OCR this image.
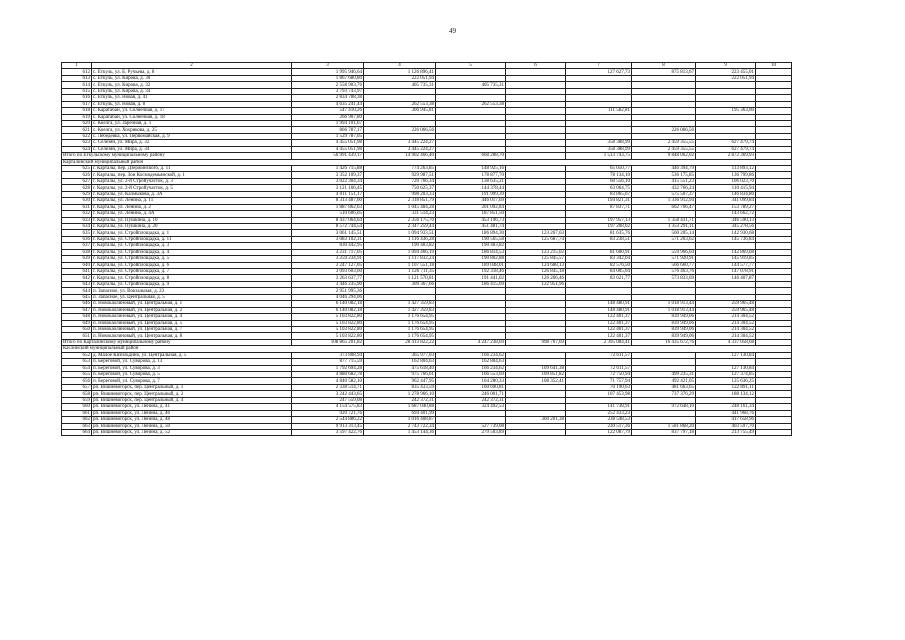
49
1	2	3	4	5	6	7	8	9	10
612	с. Еткуль, ул. Б. Ручьева, д. 8	1 995 946,64	1 126 896,41			127 627,73	875 813,67	223 455,01	
613	с. Еткуль, ул. Кирова, д. 30	1 867 680,80	222 051,94					222 051,94	
614	с. Еткуль, ул. Кирова, д. 32	2 558 903,76	405 735,31	405 735,31					
615	с. Еткуль, ул. Кирова, д. 34	3 793 743,97							
616	с. Еткуль, ул. Новая, д. 41	2 834 788,38							
617	с. Еткуль, ул. Новая, д. 8	4 635 241,44	262 553,38	262 553,38					
618	с. Каратабан, ул. Солнечная, д. 17	547 410,26	306 945,81			111 582,81		195 363,00	
619	с. Каратабан, ул. Солнечная, д. 18	266 907,80							
620	с. Коелга, ул. Заречная, д. 1	1 994 101,67							
621	с. Коелга, ул. Хохрякова, д. 25	866 787,17	226 066,56				226 066,56		
622	с. Лебедевка, ул. Первомайская, д. 9	1 529 787,05							
623	с. Селезян, ул. Мира, д. 32	4 455 051,98	3 445 224,27			358 388,99	2 459 355,55	627 479,74	
624	с. Селезян, ул. Мира, д. 34	4 455 051,98	3 445 224,27			358 388,99	2 459 355,55	627 479,74	
Итого по Еткульскому муниципальному району		56 991 439,17	14 902 466,40	668 288,70		1 513 743,75	9 848 062,02	2 872 369,93	
Карталинский муниципальный район									
625	г. Карталы, пер. Дзержинского, д. 11	1 426 715,88	774 263,85	148 925,16		65 050,77	446 394,79	113 893,12	
626	г. Карталы, пер. Зои Космодемьянской, д. 1	3 352 109,37	929 987,51	178 877,70		78 134,10	536 175,85	136 799,86	
627	г. Карталы, ул. 2-й Стройучасток, д. 3	3 022 304,34	720 766,34	138 635,21		60 556,10	415 551,23	106 023,70	
628	г. Карталы, ул. 2-й Стройучасток, д. 5	3 121 166,45	750 625,37	144 378,44		63 064,75	432 766,24	110 415,94	
629	г. Карталы, ул. Калмыкова, д. 3А	4 011 151,17	998 203,33	191 999,39		83 865,67	575 507,37	146 834,80	
630	г. Карталы, ул. Ленина, д. 11	8 313 487,00	2 318 851,79	446 017,69		194 821,31	1 336 912,94	341 099,84	
631	г. Карталы, ул. Ленина, д. 2	1 887 862,63	1 045 484,28	201 092,84		87 837,71	602 766,47	153 789,27	
632	г. Карталы, ул. Ленина, д. 4А	510 606,05	331 514,23	187 851,50				143 662,72	
633	г. Карталы, ул. Пушкина, д. 10	8 437 064,64	2 356 175,70	453 196,73		197 957,13	1 358 431,71	346 590,13	
634	г. Карталы, ул. Пушкина, д. 20	8 572 744,54	2 347 259,44	451 481,74		197 208,02	1 353 291,11	345 278,56	
635	г. Карталы, ул. Стройплощадка, д. 1	3 061 145,51	1 094 933,51	186 894,30	123 267,63	81 635,76	560 205,14	142 930,68	
636	г. Карталы, ул. Стройплощадка, д. 11	3 083 102,31	1 116 436,28	190 565,58	125 687,74	83 238,51	571 203,62	145 736,84	
637	г. Карталы, ул. Стройплощадка, д. 3	830 442,95	190 483,82	190 483,82					
638	г. Карталы, ул. Стройплощадка, д. 4	3 231 717,05	1 094 466,19	186 814,53	123 215,02	81 600,91	559 966,04	142 869,68	
639	г. Карталы, ул. Стройплощадка, д. 5	3 259 234,91	1 117 832,24	190 802,88	125 845,57	83 342,04	571 920,91	145 919,85	
640	г. Карталы, ул. Стройплощадка, д. 6	3 247 127,05	1 107 551,18	189 048,01	124 688,13	82 576,50	566 660,77	144 577,77	
641	г. Карталы, ул. Стройплощадка, д. 7	3 093 603,60	1 126 711,35	192 318,46	126 845,18	84 005,04	576 463,76	147 078,91	
642	г. Карталы, ул. Стройплощадка, д. 8	3 263 637,77	1 121 570,81	191 441,02	126 266,46	83 621,77	573 833,69	146 407,87	
643	г. Карталы, ул. Стройплощадка, д. 9	3 446 235,90	309 367,66	186 415,69	122 951,96				
644	п. Запасное, ул. Вокзальная, д. 23	2 951 995,36							
645	п. Запасное, ул. Центральная, д. 5	4 046 294,06							
646	п. Новокаолиновый, ул. Центральная, д. 1	6 140 082,18	1 427 359,83			148 480,91	1 018 913,44	259 965,48	
647	п. Новокаолиновый, ул. Центральная, д. 2	6 140 082,18	1 427 359,83			148 480,91	1 018 913,44	259 965,48	
648	п. Новокаолиновый, ул. Центральная, д. 4	5 103 822,80	1 176 654,95			122 401,37	839 949,06	214 304,52	
649	п. Новокаолиновый, ул. Центральная, д. 5	5 103 822,80	1 176 654,95			122 401,37	839 949,06	214 304,52	
650	п. Новокаолиновый, ул. Центральная, д. 7	5 103 822,80	1 176 654,95			122 401,37	839 949,06	214 304,52	
651	п. Новокаолиновый, ул. Центральная, д. 8	5 103 822,80	1 176 654,95			122 401,37	839 949,06	214 304,52	
Итого по Карталинскому муниципальному району		108 865 201,82	28 413 822,22	4 247 238,69	998 767,69	2 395 084,41	16 435 672,76	4 337 058,68	
Каслинский муниципальный район									
652	д. Малое Кизильдино, ул. Центральная, д. 5	373 808,94	365 977,03	166 234,62		72 611,57		127 130,84	
653	п. Береговой, ул. Суворова, д. 13	877 715,59	162 804,63	162 804,63					
654	п. Береговой, ул. Суворова, д. 3	1 792 694,28	475 618,40	166 234,62	109 641,38	72 611,57		127 130,84	
655	п. Береговой, ул. Суворова, д. 5	4 880 682,78	975 766,61	166 553,69	109 851,82	72 750,94	499 235,31	127 374,85	
656	п. Береговой, ул. Суворова, д. 7	4 840 582,10	962 447,95	164 280,33	108 352,41	71 757,94	492 421,05	125 636,25	
657	рп. Вишневогорск, пер. Центральный, д. 1	2 338 514,71	835 433,59	160 690,81		70 190,03	481 663,65	122 891,11	
658	рп. Вишневогорск, пер. Центральный, д. 2	3 242 443,65	1 278 966,10	246 001,71		107 453,98	737 376,29	188 134,12	
659	рп. Вишневогорск, пер. Центральный, д. 4	247 559,08	242 372,31	242 372,31					
660	рп. Вишневогорск, ул. Ленина, д. 41	4 154 575,83	1 687 040,88	324 492,53		141 738,91	972 648,10	248 161,34	
661	рп. Вишневогорск, ул. Ленина, д. 46	920 721,76	694 401,99			252 433,23		441 968,76	
662	рп. Вишневогорск, ул. Ленина, д. 48	2 544 886,22	1 016 408,87		360 201,38	238 548,53		417 658,96	
663	рп. Вишневогорск, ул. Ленина, д. 50	9 913 313,45	2 743 722,34	527 739,08		230 517,36	1 581 868,20	403 597,70	
664	рп. Вишневогорск, ул. Ленина, д. 52	3 597 422,76	1 453 144,36	279 503,89		122 087,79	837 797,18	213 755,49	
